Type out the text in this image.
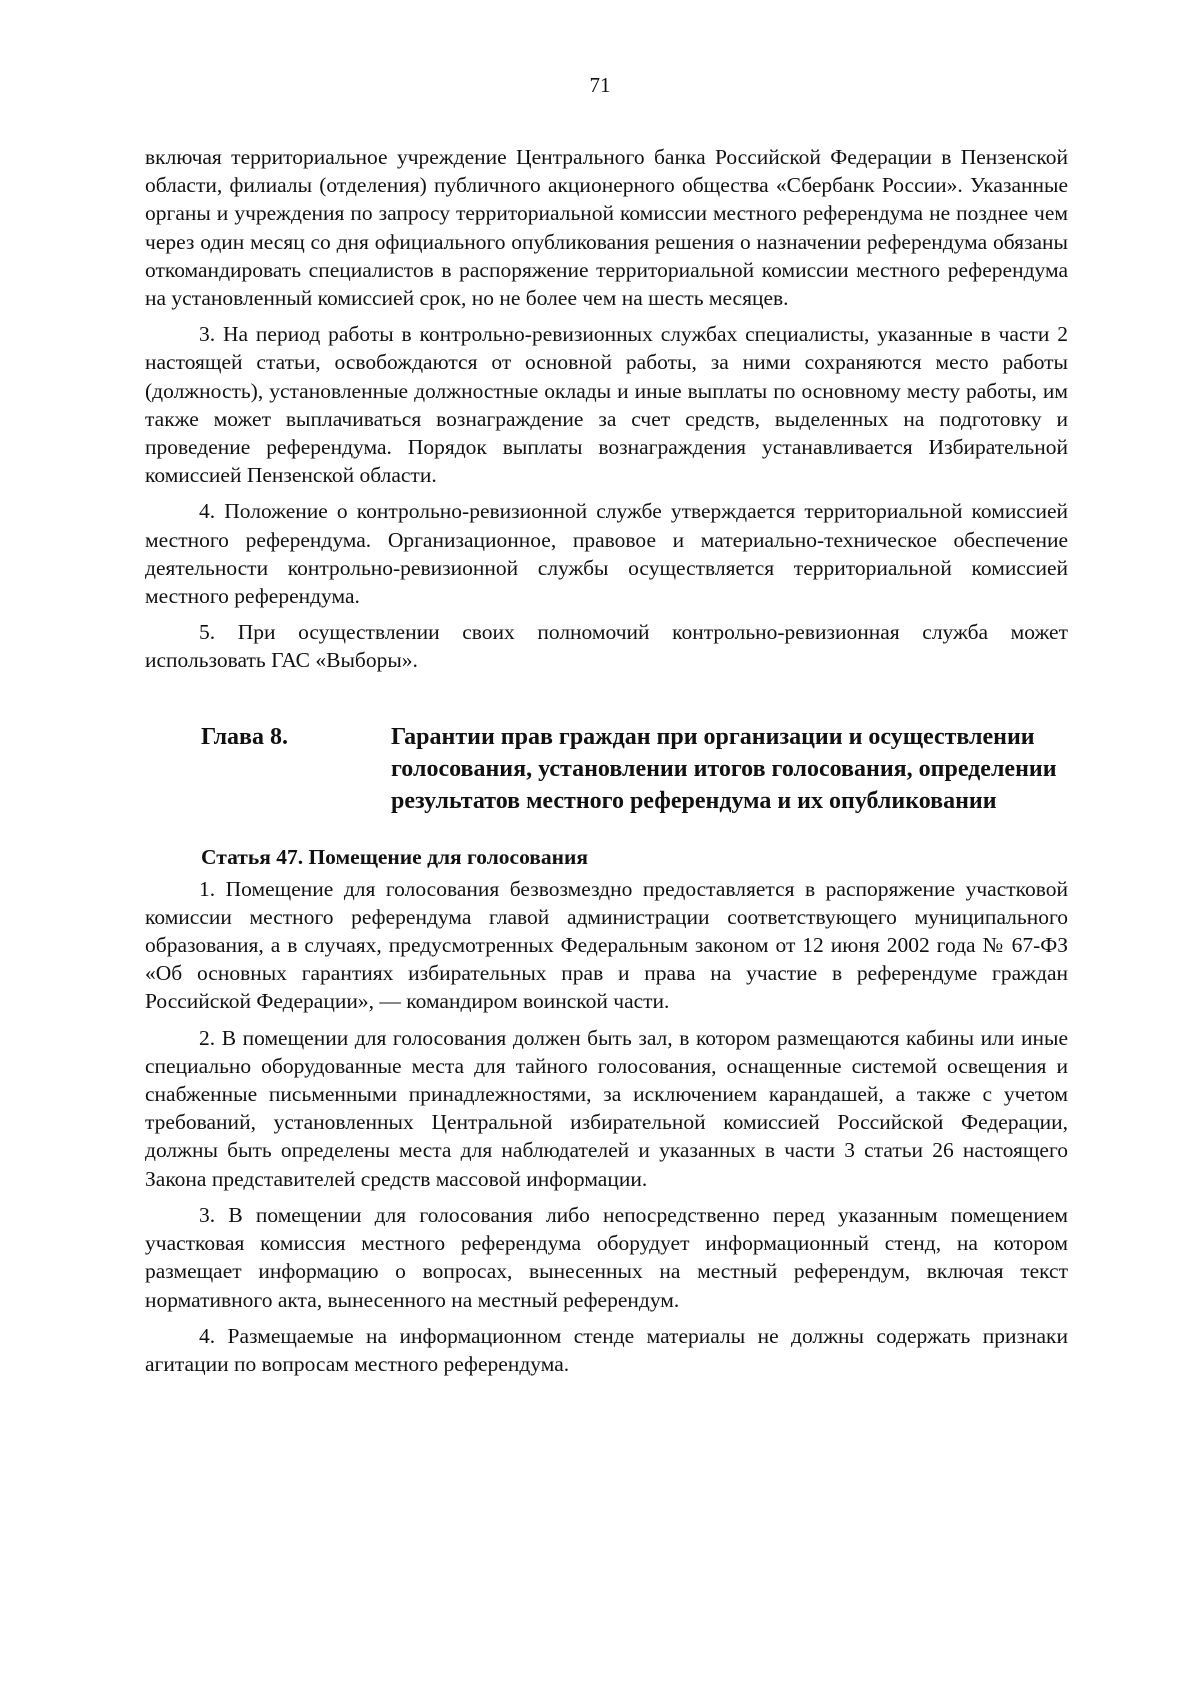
71

включая территориальное учреждение Центрального банка Российской Федерации в Пензенской области, филиалы (отделения) публичного акционерного общества «Сбербанк России». Указанные органы и учреждения по запросу территориальной комиссии местного референдума не позднее чем через один месяц со дня официального опубликования решения о назначении референдума обязаны откомандировать специалистов в распоряжение территориальной комиссии местного референдума на установленный комиссией срок, но не более чем на шесть месяцев.

3. На период работы в контрольно-ревизионных службах специалисты, указанные в части 2 настоящей статьи, освобождаются от основной работы, за ними сохраняются место работы (должность), установленные должностные оклады и иные выплаты по основному месту работы, им также может выплачиваться вознаграждение за счет средств, выделенных на подготовку и проведение референдума. Порядок выплаты вознаграждения устанавливается Избирательной комиссией Пензенской области.

4. Положение о контрольно-ревизионной службе утверждается территориальной комиссией местного референдума. Организационное, правовое и материально-техническое обеспечение деятельности контрольно-ревизионной службы осуществляется территориальной комиссией местного референдума.

5. При осуществлении своих полномочий контрольно-ревизионная служба может использовать ГАС «Выборы».

Глава 8.	Гарантии прав граждан при организации и осуществлении голосования, установлении итогов голосования, определении результатов местного референдума и их опубликовании
Статья 47. Помещение для голосования

1. Помещение для голосования безвозмездно предоставляется в распоряжение участковой комиссии местного референдума главой администрации соответствующего муниципального образования, а в случаях, предусмотренных Федеральным законом от 12 июня 2002 года № 67-ФЗ «Об основных гарантиях избирательных прав и права на участие в референдуме граждан Российской Федерации», — командиром воинской части.

2. В помещении для голосования должен быть зал, в котором размещаются кабины или иные специально оборудованные места для тайного голосования, оснащенные системой освещения и снабженные письменными принадлежностями, за исключением карандашей, а также с учетом требований, установленных Центральной избирательной комиссией Российской Федерации, должны быть определены места для наблюдателей и указанных в части 3 статьи 26 настоящего Закона представителей средств массовой информации.

3. В помещении для голосования либо непосредственно перед указанным помещением участковая комиссия местного референдума оборудует информационный стенд, на котором размещает информацию о вопросах, вынесенных на местный референдум, включая текст нормативного акта, вынесенного на местный референдум.

4. Размещаемые на информационном стенде материалы не должны содержать признаки агитации по вопросам местного референдума.
